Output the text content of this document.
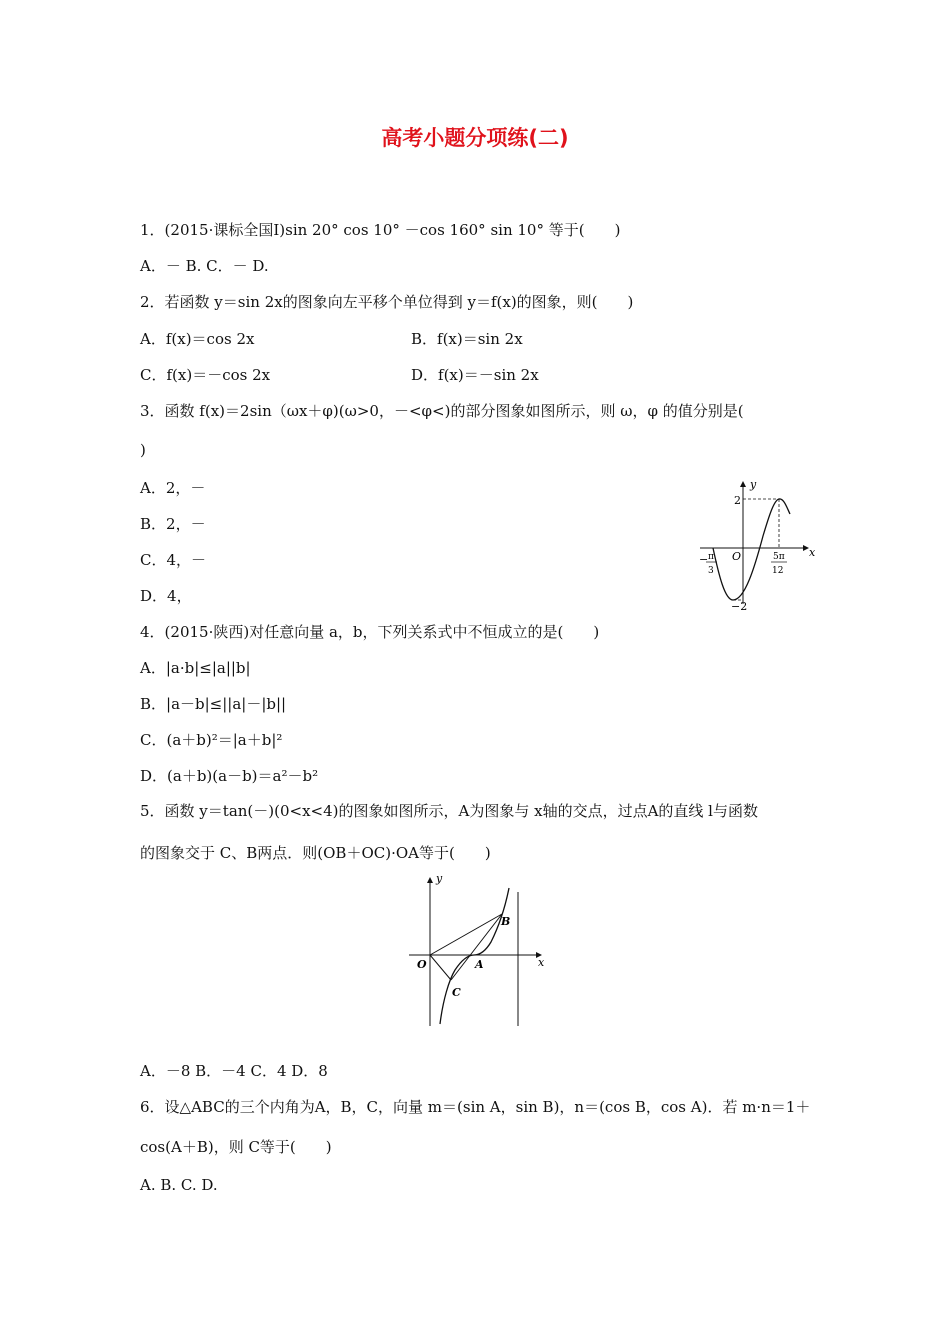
高考小题分项练(二)
1．(2015·课标全国Ⅰ)sin 20° cos 10° －cos 160° sin 10° 等于(　　)
A．－ B. C．－ D.
2．若函数 y＝sin 2x的图象向左平移个单位得到 y＝f(x)的图象，则(　　)
A．f(x)＝cos 2x	B．f(x)＝sin 2x
C．f(x)＝－cos 2x	D．f(x)＝－sin 2x
3．函数 f(x)＝2sin（ωx＋φ)(ω>0，－<φ<)的部分图象如图所示，则 ω，φ 的值分别是(
)
A．2，－
B．2，－
C．4，－
D．4，
y
x
O
2
−2
− π
3
5π
12
4．(2015·陕西)对任意向量 a，b，下列关系式中不恒成立的是(　　)
A．|a·b|≤|a||b|
B．|a－b|≤||a|－|b||
C．(a＋b)²＝|a＋b|²
D．(a＋b)(a－b)＝a²－b²
5．函数 y＝tan(－)(0<x<4)的图象如图所示，A为图象与 x轴的交点，过点A的直线 l与函数
的图象交于 C、B两点．则(OB＋OC)·OA等于(　　)
y
x
O	A
B
C
A．－8 B．－4 C．4 D．8
6．设△ABC的三个内角为A，B，C，向量 m＝(sin A，sin B)，n＝(cos B，cos A)．若 m·n＝1＋
cos(A＋B)，则 C等于(　　)
A. B. C. D.
